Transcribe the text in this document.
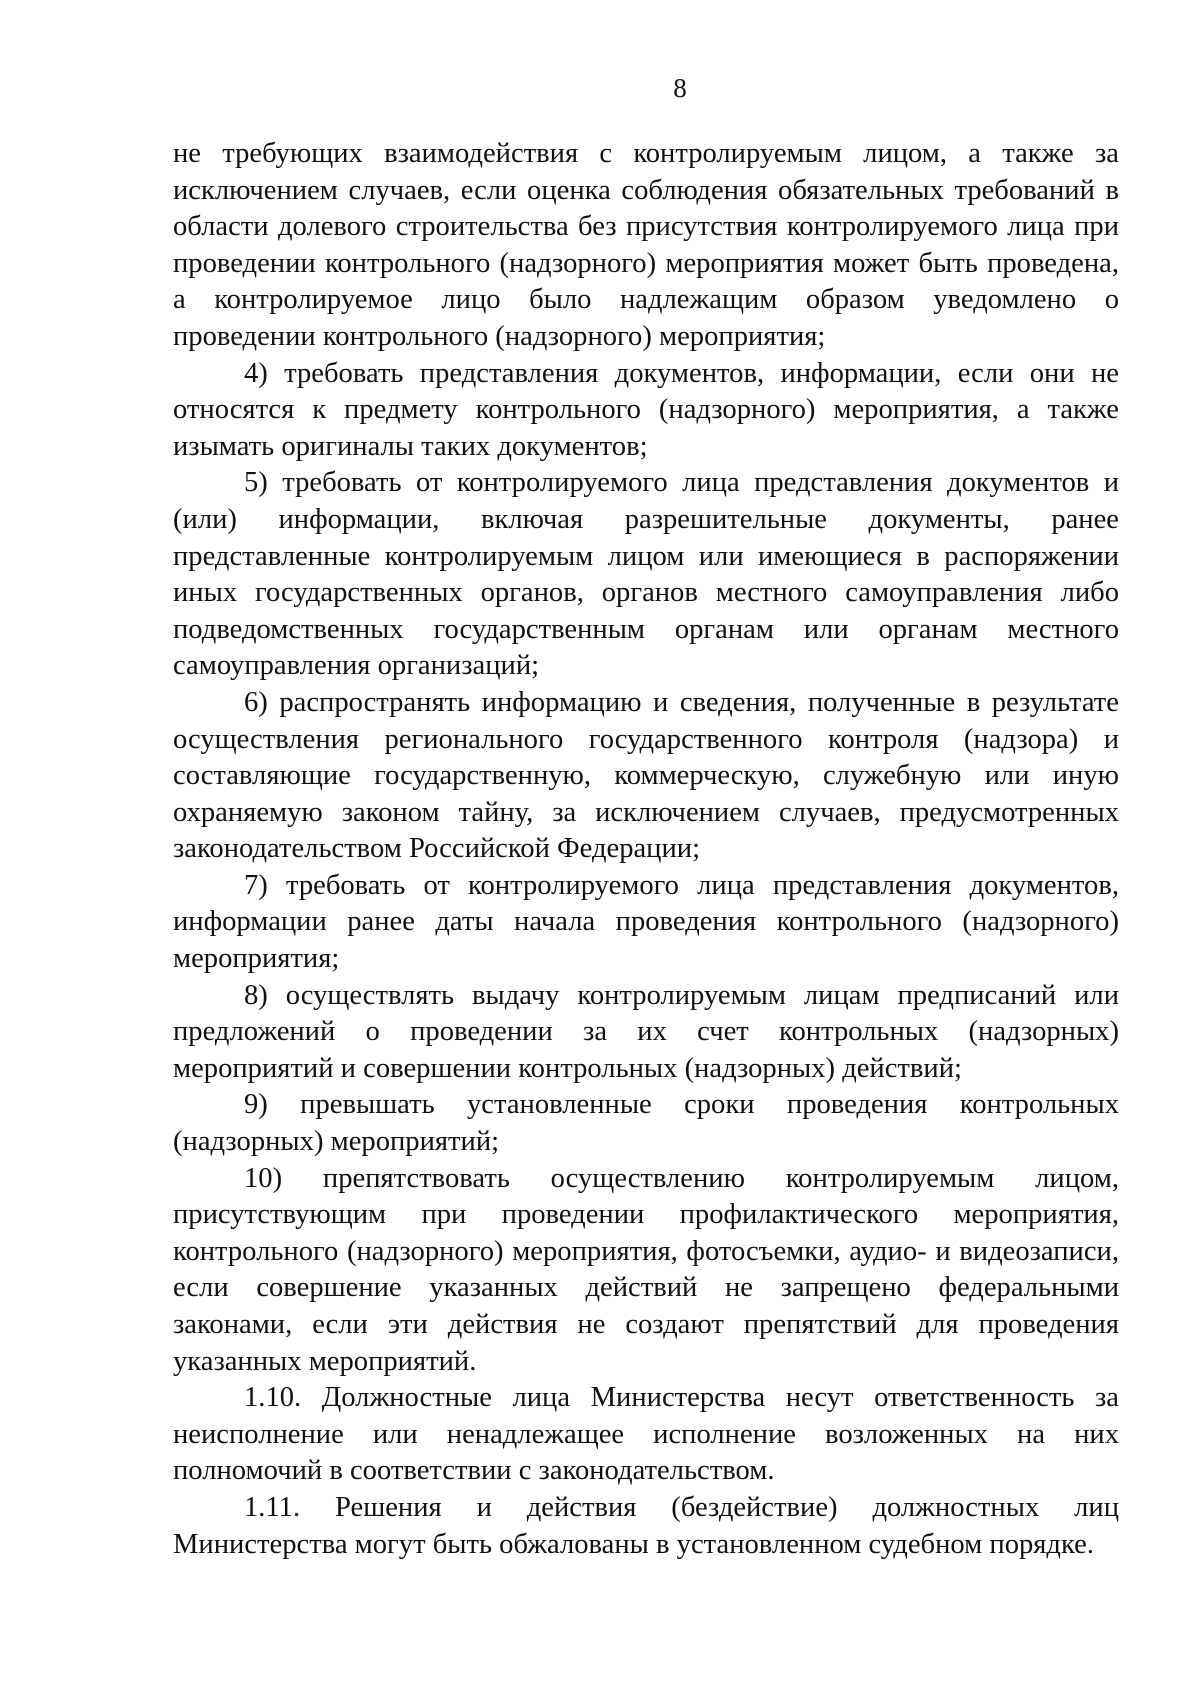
8

не требующих взаимодействия с контролируемым лицом, а также за исключением случаев, если оценка соблюдения обязательных требований в области долевого строительства без присутствия контролируемого лица при проведении контрольного (надзорного) мероприятия может быть проведена, а контролируемое лицо было надлежащим образом уведомлено о проведении контрольного (надзорного) мероприятия;

4) требовать представления документов, информации, если они не относятся к предмету контрольного (надзорного) мероприятия, а также изымать оригиналы таких документов;

5) требовать от контролируемого лица представления документов и (или) информации, включая разрешительные документы, ранее представленные контролируемым лицом или имеющиеся в распоряжении иных государственных органов, органов местного самоуправления либо подведомственных государственным органам или органам местного самоуправления организаций;

6) распространять информацию и сведения, полученные в результате осуществления регионального государственного контроля (надзора) и составляющие государственную, коммерческую, служебную или иную охраняемую законом тайну, за исключением случаев, предусмотренных законодательством Российской Федерации;

7) требовать от контролируемого лица представления документов, информации ранее даты начала проведения контрольного (надзорного) мероприятия;

8) осуществлять выдачу контролируемым лицам предписаний или предложений о проведении за их счет контрольных (надзорных) мероприятий и совершении контрольных (надзорных) действий;

9) превышать установленные сроки проведения контрольных (надзорных) мероприятий;

10) препятствовать осуществлению контролируемым лицом, присутствующим при проведении профилактического мероприятия, контрольного (надзорного) мероприятия, фотосъемки, аудио- и видеозаписи, если совершение указанных действий не запрещено федеральными законами, если эти действия не создают препятствий для проведения указанных мероприятий.

1.10. Должностные лица Министерства несут ответственность за неисполнение или ненадлежащее исполнение возложенных на них полномочий в соответствии с законодательством.

1.11. Решения и действия (бездействие) должностных лиц Министерства могут быть обжалованы в установленном судебном порядке.
